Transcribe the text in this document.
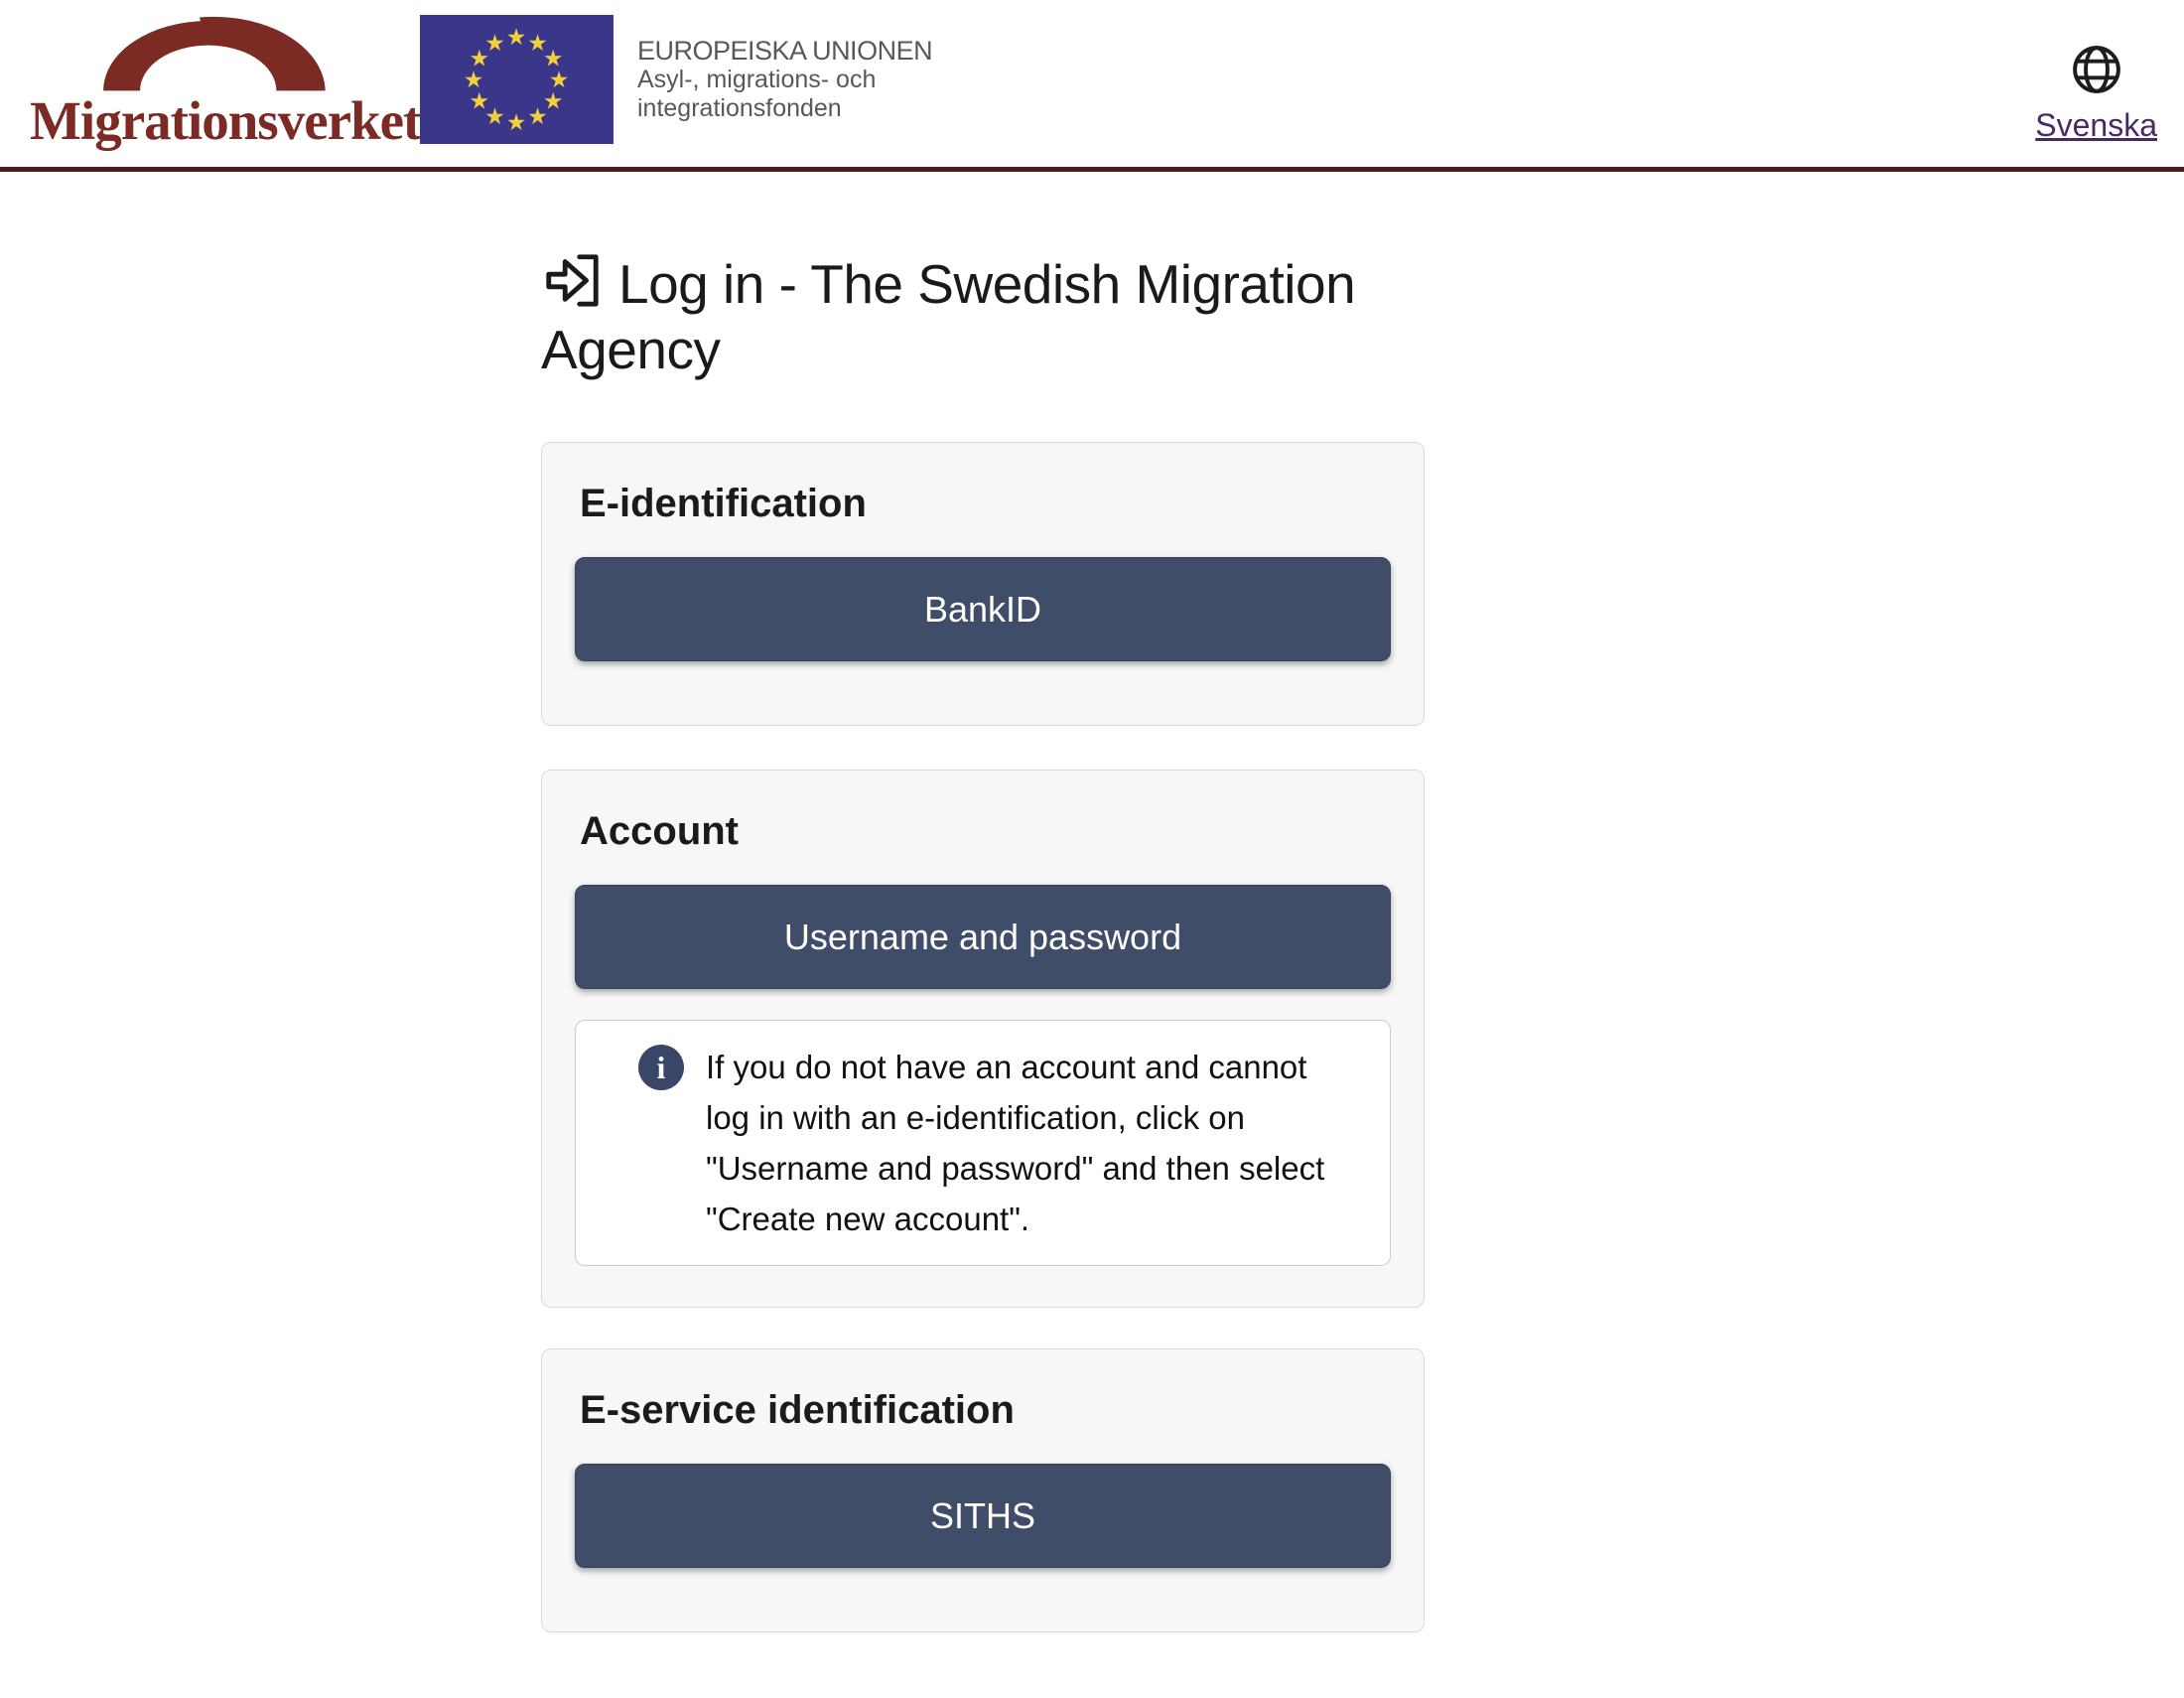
Migrationsverket
★ ★
★
★
★
★
★
★
★
★
★
★	EUROPEISKA UNIONEN
Asyl-, migrations- och
integrationsfonden	Svenska
Log in - The Swedish Migration Agency
E-identification
BankID
Account
Username and password
i	If you do not have an account and cannot
log in with an e-identification, click on
"Username and password" and then select
"Create new account".
E-service identification
SITHS
